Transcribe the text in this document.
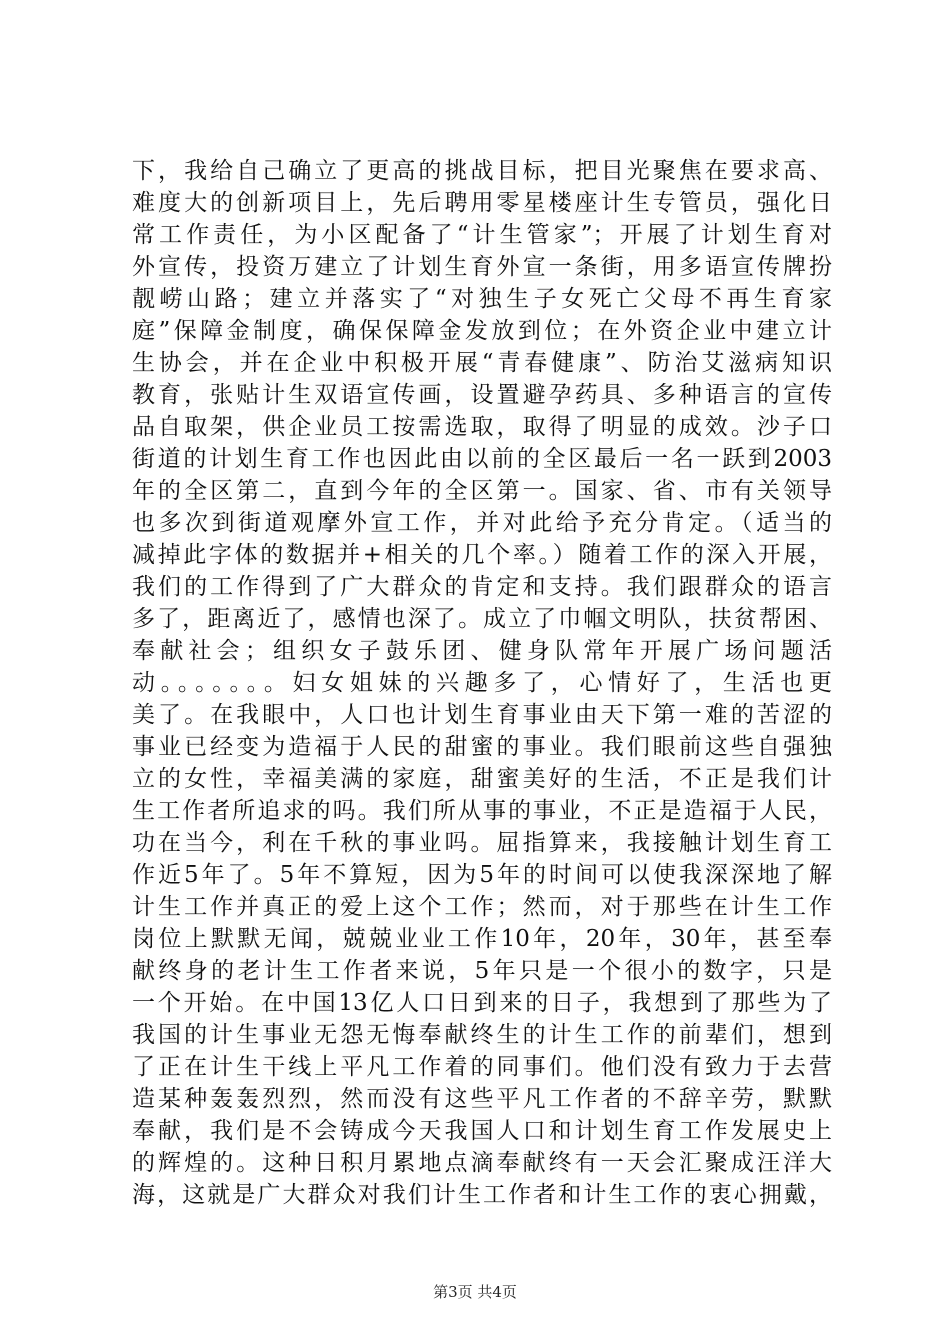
下，我给自己确立了更高的挑战目标，把目光聚焦在要求高、
难度大的创新项目上，先后聘用零星楼座计生专管员，强化日
常工作责任，为小区配备了“计生管家”；开展了计划生育对
外宣传，投资万建立了计划生育外宣一条街，用多语宣传牌扮
靓崂山路；建立并落实了“对独生子女死亡父母不再生育家
庭”保障金制度，确保保障金发放到位；在外资企业中建立计
生协会，并在企业中积极开展“青春健康”、防治艾滋病知识
教育，张贴计生双语宣传画，设置避孕药具、多种语言的宣传
品自取架，供企业员工按需选取，取得了明显的成效。沙子口
街道的计划生育工作也因此由以前的全区最后一名一跃到2003
年的全区第二，直到今年的全区第一。国家、省、市有关领导
也多次到街道观摩外宣工作，并对此给予充分肯定。（适当的
减掉此字体的数据并+相关的几个率。）随着工作的深入开展，
我们的工作得到了广大群众的肯定和支持。我们跟群众的语言
多了，距离近了，感情也深了。成立了巾帼文明队，扶贫帮困、
奉献社会；组织女子鼓乐团、健身队常年开展广场问题活
动。。。。。。。妇女姐妹的兴趣多了，心情好了，生活也更
美了。在我眼中，人口也计划生育事业由天下第一难的苦涩的
事业已经变为造福于人民的甜蜜的事业。我们眼前这些自强独
立的女性，幸福美满的家庭，甜蜜美好的生活，不正是我们计
生工作者所追求的吗。我们所从事的事业，不正是造福于人民，
功在当今，利在千秋的事业吗。屈指算来，我接触计划生育工
作近5年了。5年不算短，因为5年的时间可以使我深深地了解
计生工作并真正的爱上这个工作；然而，对于那些在计生工作
岗位上默默无闻，兢兢业业工作10年，20年，30年，甚至奉
献终身的老计生工作者来说，5年只是一个很小的数字，只是
一个开始。在中国13亿人口日到来的日子，我想到了那些为了
我国的计生事业无怨无悔奉献终生的计生工作的前辈们，想到
了正在计生干线上平凡工作着的同事们。他们没有致力于去营
造某种轰轰烈烈，然而没有这些平凡工作者的不辞辛劳，默默
奉献，我们是不会铸成今天我国人口和计划生育工作发展史上
的辉煌的。这种日积月累地点滴奉献终有一天会汇聚成汪洋大
海，这就是广大群众对我们计生工作者和计生工作的衷心拥戴，
第3页 共4页
